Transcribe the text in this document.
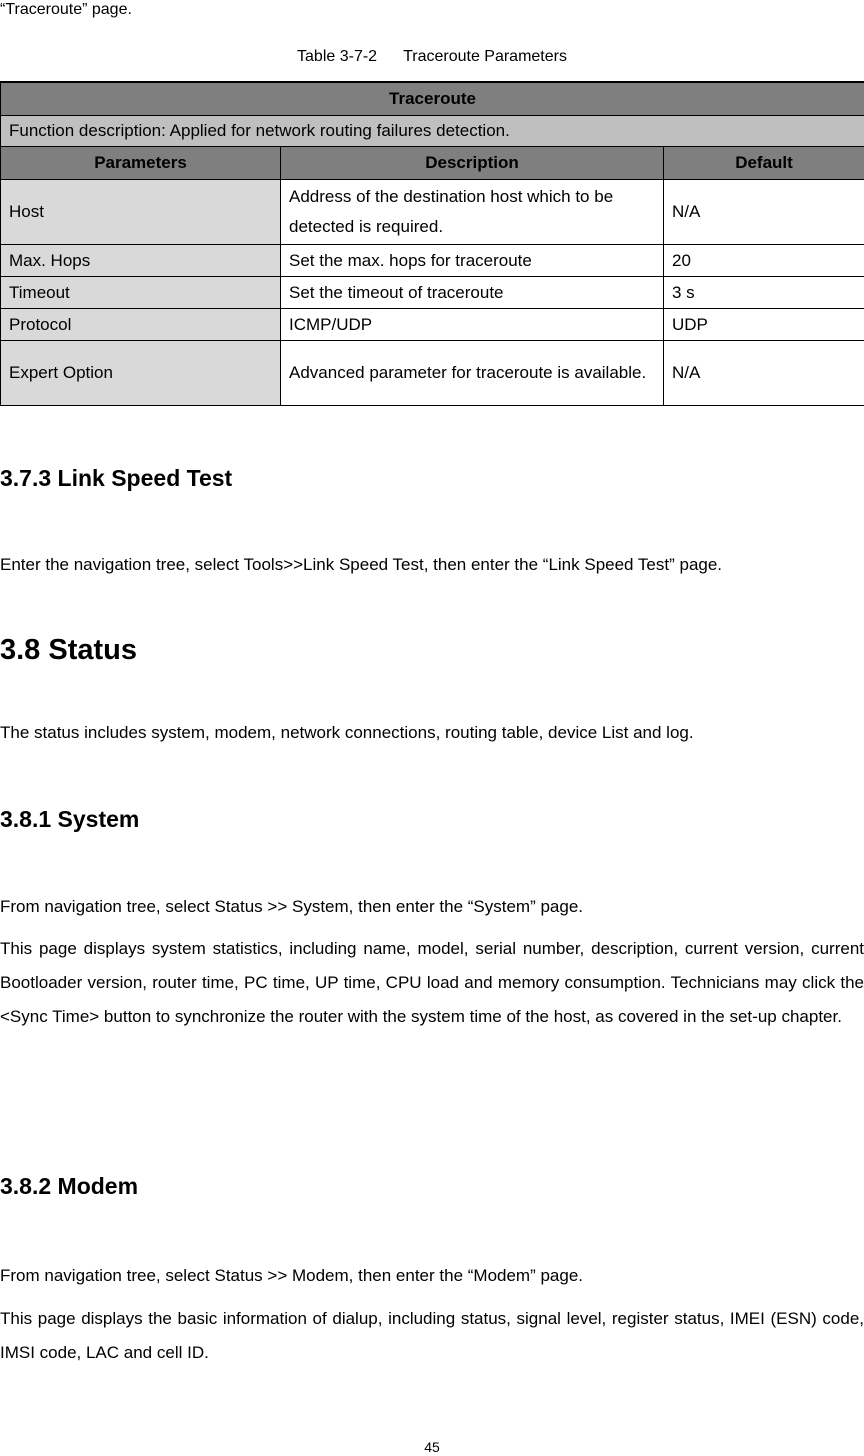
“Traceroute” page.

Table 3-7-2 Traceroute Parameters

Traceroute		
Function description: Applied for network routing failures detection.		
Parameters	Description	Default
Host	Address of the destination host which to be detected is required.	N/A
Max. Hops	Set the max. hops for traceroute	20
Timeout	Set the timeout of traceroute	3 s
Protocol	ICMP/UDP	UDP
Expert Option	Advanced parameter for traceroute is available.	N/A
3.7.3 Link Speed Test

Enter the navigation tree, select Tools>>Link Speed Test, then enter the “Link Speed Test” page.

3.8 Status

The status includes system, modem, network connections, routing table, device List and log.

3.8.1 System

From navigation tree, select Status >> System, then enter the “System” page.

This page displays system statistics, including name, model, serial number, description, current version, current Bootloader version, router time, PC time, UP time, CPU load and memory consumption. Technicians may click the <Sync Time> button to synchronize the router with the system time of the host, as covered in the set-up chapter.

3.8.2 Modem

From navigation tree, select Status >> Modem, then enter the “Modem” page.

This page displays the basic information of dialup, including status, signal level, register status, IMEI (ESN) code, IMSI code, LAC and cell ID.

45
